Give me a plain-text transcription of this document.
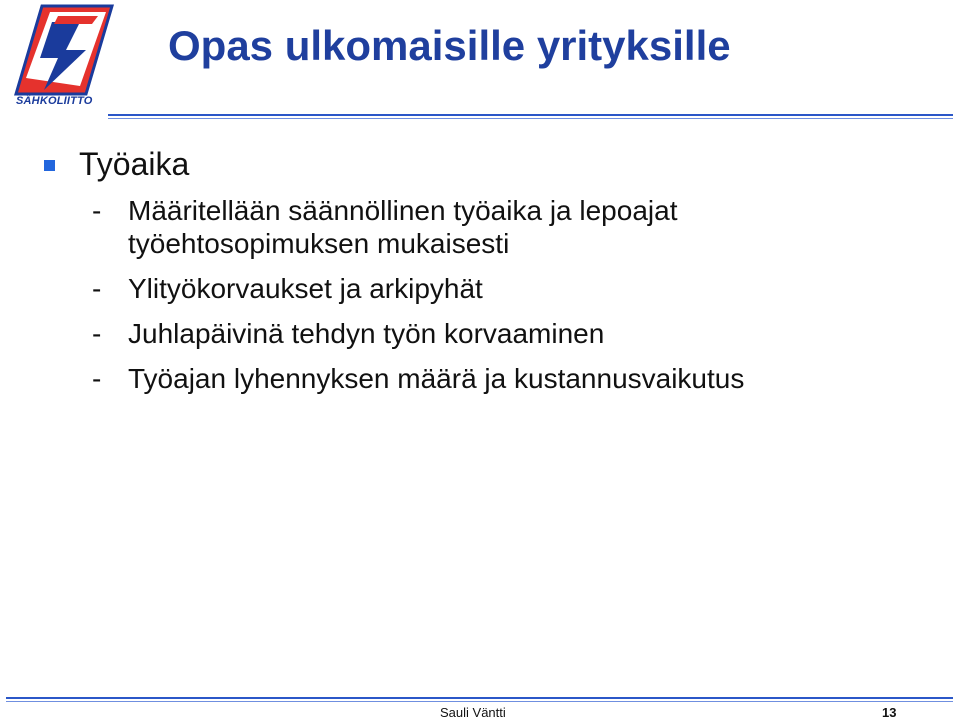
SÄHKÖLIITTO
Opas ulkomaisille yrityksille
Työaika
- Määritellään säännöllinen työaika ja lepoajat työehtosopimuksen mukaisesti
- Ylityökorvaukset ja arkipyhät
- Juhlapäivinä tehdyn työn korvaaminen
- Työajan lyhennyksen määrä ja kustannusvaikutus
Sauli Väntti	13
